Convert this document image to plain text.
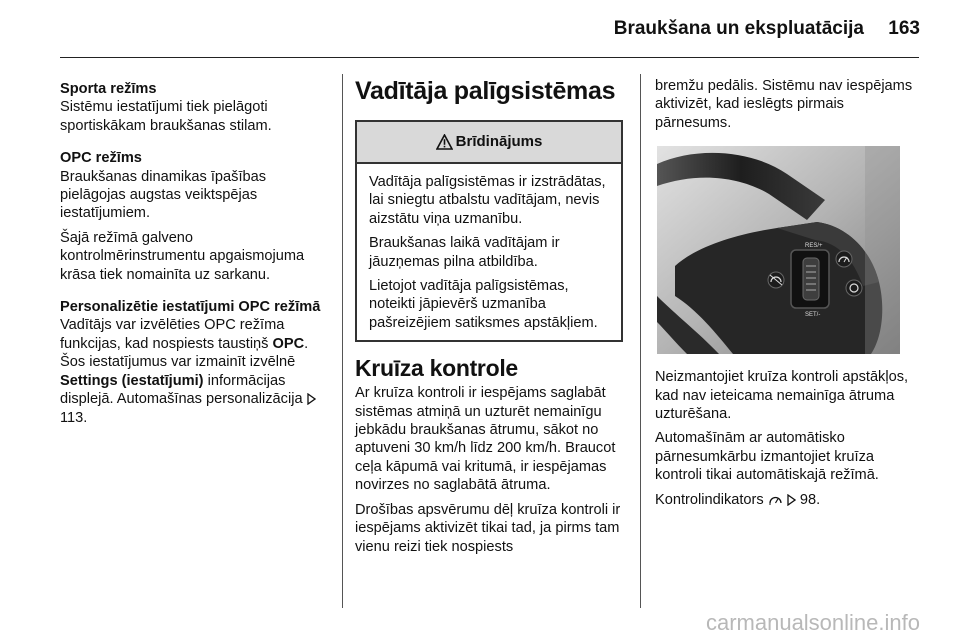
Braukšana un ekspluatācija 163

Sporta režīms

Sistēmu iestatījumi tiek pielāgoti sportiskākam braukšanas stilam.

OPC režīms

Braukšanas dinamikas īpašības pielāgojas augstas veiktspējas iestatījumiem.

Šajā režīmā galveno kontrolmērinstrumentu apgaismojuma krāsa tiek nomainīta uz sarkanu.

Personalizētie iestatījumi OPC režīmā

Vadītājs var izvēlēties OPC režīma funkcijas, kad nospiests taustiņš OPC. Šos iestatījumus var izmainīt izvēlnē Settings (iestatījumi) informācijas displejā. Automašīnas personalizācija  113.

Vadītāja palīgsistēmas
Brīdinājums

Vadītāja palīgsistēmas ir izstrādātas, lai sniegtu atbalstu vadītājam, nevis aizstātu viņa uzmanību.

Braukšanas laikā vadītājam ir jāuzņemas pilna atbildība.

Lietojot vadītāja palīgsistēmas, noteikti jāpievērš uzmanība pašreizējiem satiksmes apstākļiem.

Kruīza kontrole

Ar kruīza kontroli ir iespējams saglabāt sistēmas atmiņā un uzturēt nemainīgu jebkādu braukšanas ātrumu, sākot no aptuveni 30 km/h līdz 200 km/h. Braucot ceļa kāpumā vai kritumā, ir iespējamas novirzes no saglabātā ātruma.

Drošības apsvērumu dēļ kruīza kontroli ir iespējams aktivizēt tikai tad, ja pirms tam vienu reizi tiek nospiests

bremžu pedālis. Sistēmu nav iespējams aktivizēt, kad ieslēgts pirmais pārnesums.

RES/+
SET/-

Neizmantojiet kruīza kontroli apstākļos, kad nav ieteicama nemainīga ātruma uzturēšana.

Automašīnām ar automātisko pārnesumkārbu izmantojiet kruīza kontroli tikai automātiskajā režīmā.

Kontrolindikators   98.

carmanualsonline.info
